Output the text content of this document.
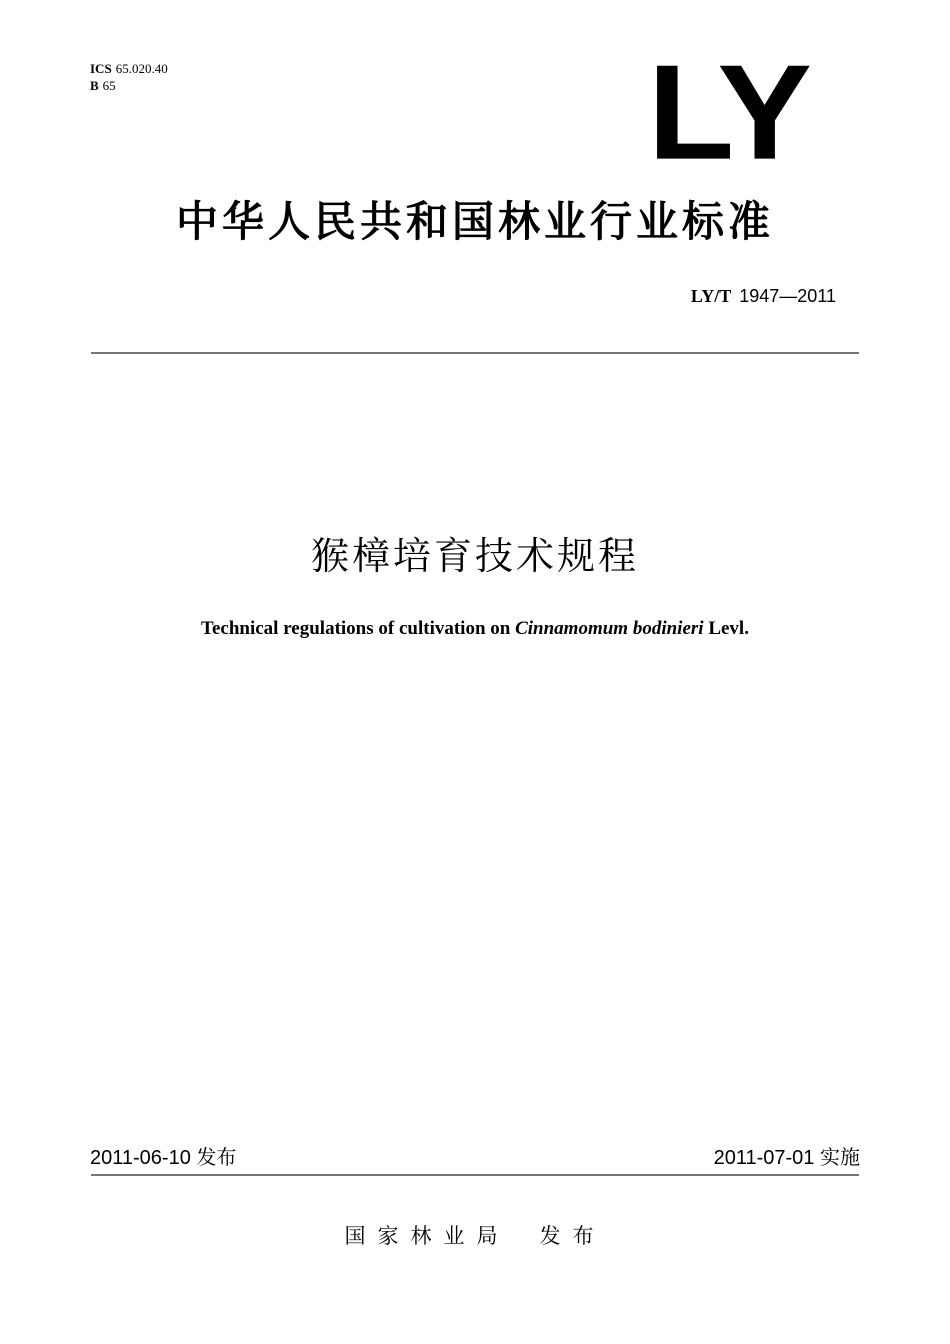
ICS 65.020.40
B 65	LY
中华人民共和国林业行业标准
LY/T 1947—2011
猴樟培育技术规程
Technical regulations of cultivation on Cinnamomum bodinieri Levl.
2011-06-10 发布	2011-07-01 实施
国家林业局 发布
